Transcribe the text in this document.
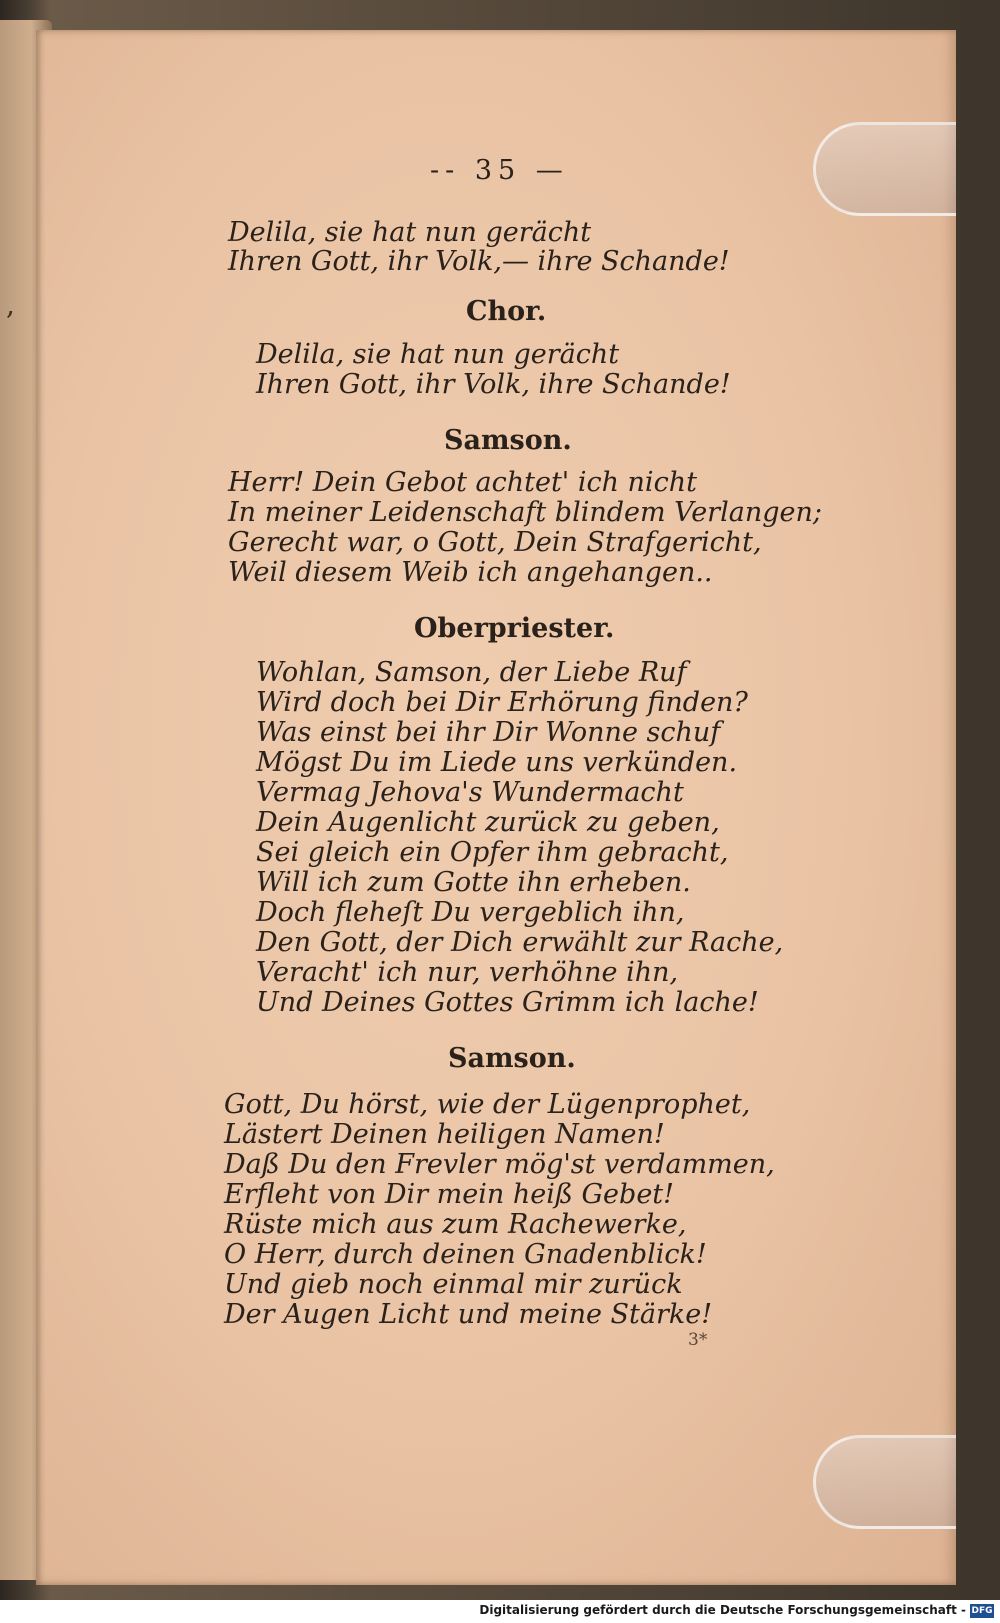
,
-- 35 —
Delila, sie hat nun gerächt
Ihren Gott, ihr Volk,— ihre Schande!
Chor.
Delila, sie hat nun gerächt
Ihren Gott, ihr Volk, ihre Schande!
Samson.
Herr! Dein Gebot achtet' ich nicht
In meiner Leidenschaft blindem Verlangen;
Gerecht war, o Gott, Dein Strafgericht,
Weil diesem Weib ich angehangen..
Oberpriester.
Wohlan, Samson, der Liebe Ruf
Wird doch bei Dir Erhörung finden?
Was einst bei ihr Dir Wonne schuf
Mögst Du im Liede uns verkünden.
Vermag Jehova's Wundermacht
Dein Augenlicht zurück zu geben,
Sei gleich ein Opfer ihm gebracht,
Will ich zum Gotte ihn erheben.
Doch fleheſt Du vergeblich ihn,
Den Gott, der Dich erwählt zur Rache,
Veracht' ich nur, verhöhne ihn,
Und Deines Gottes Grimm ich lache!
Samson.
Gott, Du hörst, wie der Lügenprophet,
Lästert Deinen heiligen Namen!
Daß Du den Frevler mög'st verdammen,
Erfleht von Dir mein heiß Gebet!
Rüste mich aus zum Rachewerke,
O Herr, durch deinen Gnadenblick!
Und gieb noch einmal mir zurück
Der Augen Licht und meine Stärke!
3*
Digitalisierung gefördert durch die Deutsche Forschungsgemeinschaft - DFG
